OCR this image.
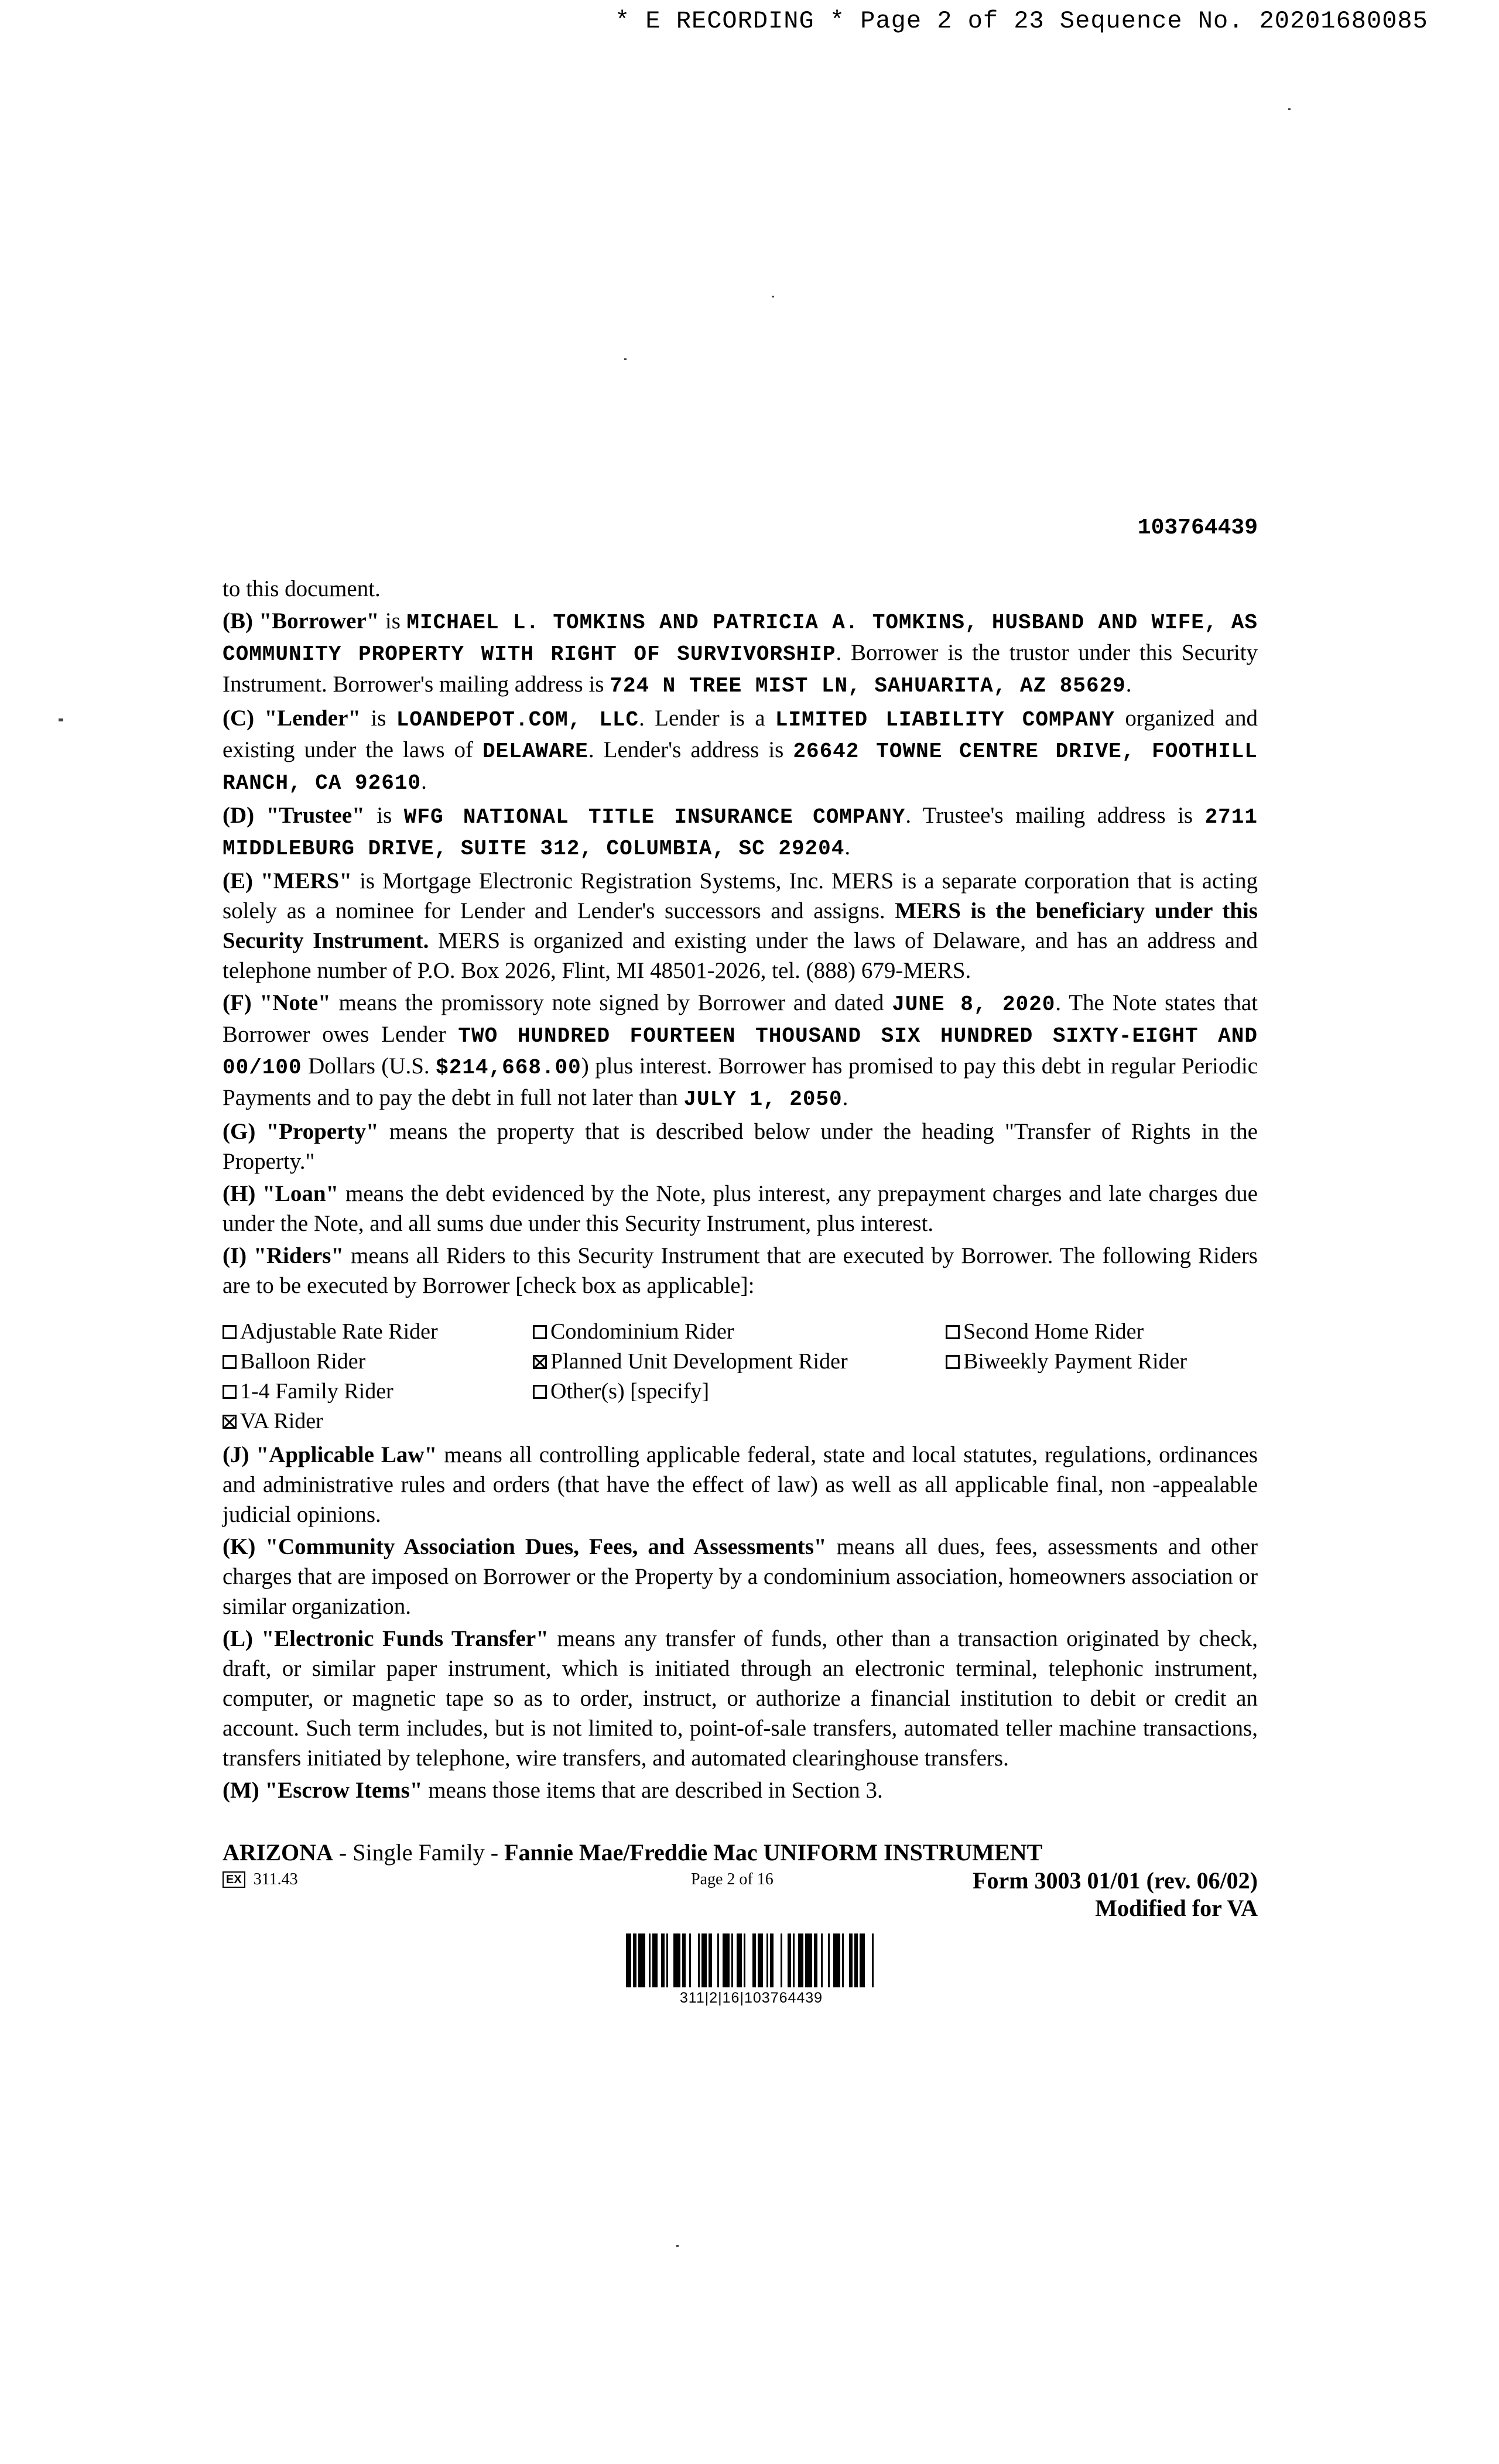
* E RECORDING * Page 2 of 23 Sequence No. 20201680085
103764439

to this document.

(B) "Borrower" is MICHAEL L. TOMKINS AND PATRICIA A. TOMKINS, HUSBAND AND WIFE, AS COMMUNITY PROPERTY WITH RIGHT OF SURVIVORSHIP. Borrower is the trustor under this Security Instrument. Borrower's mailing address is 724 N TREE MIST LN, SAHUARITA, AZ 85629.

(C) "Lender" is LOANDEPOT.COM, LLC. Lender is a LIMITED LIABILITY COMPANY organized and existing under the laws of DELAWARE. Lender's address is 26642 TOWNE CENTRE DRIVE, FOOTHILL RANCH, CA 92610.

(D) "Trustee" is WFG NATIONAL TITLE INSURANCE COMPANY. Trustee's mailing address is 2711 MIDDLEBURG DRIVE, SUITE 312, COLUMBIA, SC 29204.

(E) "MERS" is Mortgage Electronic Registration Systems, Inc. MERS is a separate corporation that is acting solely as a nominee for Lender and Lender's successors and assigns. MERS is the beneficiary under this Security Instrument. MERS is organized and existing under the laws of Delaware, and has an address and telephone number of P.O. Box 2026, Flint, MI 48501-2026, tel. (888) 679-MERS.

(F) "Note" means the promissory note signed by Borrower and dated JUNE 8, 2020. The Note states that Borrower owes Lender TWO HUNDRED FOURTEEN THOUSAND SIX HUNDRED SIXTY-EIGHT AND 00/100 Dollars (U.S. $214,668.00) plus interest. Borrower has promised to pay this debt in regular Periodic Payments and to pay the debt in full not later than JULY 1, 2050.

(G) "Property" means the property that is described below under the heading "Transfer of Rights in the Property."

(H) "Loan" means the debt evidenced by the Note, plus interest, any prepayment charges and late charges due under the Note, and all sums due under this Security Instrument, plus interest.

(I) "Riders" means all Riders to this Security Instrument that are executed by Borrower. The following Riders are to be executed by Borrower [check box as applicable]:

Adjustable Rate Rider	Condominium Rider	Second Home Rider
Balloon Rider	Planned Unit Development Rider	Biweekly Payment Rider
1-4 Family Rider	Other(s) [specify]
VA Rider

(J) "Applicable Law" means all controlling applicable federal, state and local statutes, regulations, ordinances and administrative rules and orders (that have the effect of law) as well as all applicable final, non -appealable judicial opinions.

(K) "Community Association Dues, Fees, and Assessments" means all dues, fees, assessments and other charges that are imposed on Borrower or the Property by a condominium association, homeowners association or similar organization.

(L) "Electronic Funds Transfer" means any transfer of funds, other than a transaction originated by check, draft, or similar paper instrument, which is initiated through an electronic terminal, telephonic instrument, computer, or magnetic tape so as to order, instruct, or authorize a financial institution to debit or credit an account. Such term includes, but is not limited to, point-of-sale transfers, automated teller machine transactions, transfers initiated by telephone, wire transfers, and automated clearinghouse transfers.

(M) "Escrow Items" means those items that are described in Section 3.

ARIZONA - Single Family - Fannie Mae/Freddie Mac UNIFORM INSTRUMENT
EX 311.43	Page 2 of 16	Form 3003 01/01 (rev. 06/02)
Modified for VA
311|2|16|103764439
